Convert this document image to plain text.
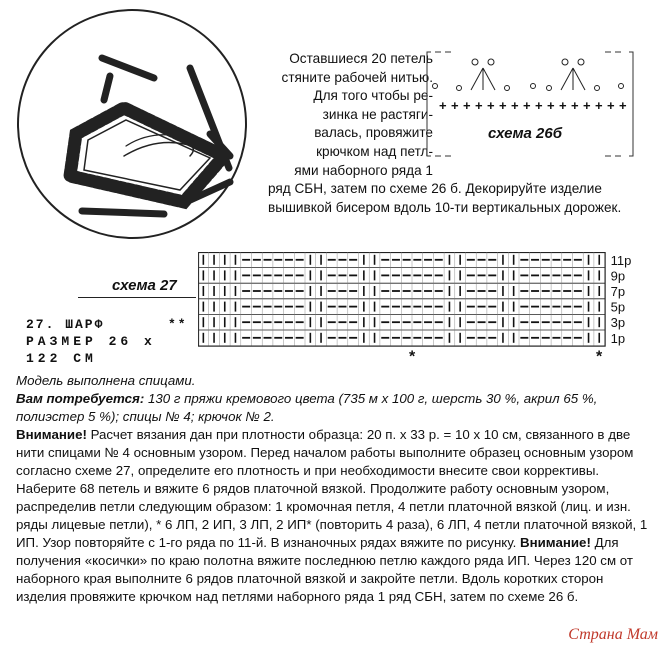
Оставшиеся 20 петель
стяните рабочей нитью.
Для того чтобы ре-
зинка не растяги-
валась, провяжите
крючком над петл-
ями наборного ряда 1
ряд СБН, затем по схеме 26 б. Декорируйте изделие
вышивкой бисером вдоль 10-ти вертикальных дорожек.
+ + + + + + + + + + + + + + + +
схема 26б
27. ШАРФ	**
РАЗМЕР 26 х
122 СМ
схема 27
11р
9р
7р
5р
3р
1р
*	*

Модель выполнена спицами.

Вам потребуется: 130 г пряжи кремового цвета (735 м х 100 г, шерсть 30 %, акрил 65 %, полиэстер 5 %); спицы № 4; крючок № 2.

Внимание! Расчет вязания дан при плотности образца: 20 п. х 33 р. = 10 х 10 см, связанного в две нити спицами № 4 основным узором. Перед началом работы выполните образец основным узором согласно схеме 27, определите его плотность и при необходимости внесите свои коррективы. Наберите 68 петель и вяжите 6 рядов платочной вязкой. Продолжите работу основным узором, распределив петли следующим образом: 1 кромочная петля, 4 петли платочной вязкой (лиц. и изн. ряды лицевые петли), * 6 ЛП, 2 ИП, 3 ЛП, 2 ИП* (повторить 4 раза), 6 ЛП, 4 петли платочной вязкой, 1 ИП. Узор повторяйте с 1-го ряда по 11-й. В изнаночных рядах вяжите по рисунку. Внимание! Для получения «косички» по краю полотна вяжите последнюю петлю каждого ряда ИП. Через 120 см от наборного края выполните 6 рядов платочной вязкой и закройте петли. Вдоль коротких сторон изделия провяжите крючком над петлями наборного ряда 1 ряд СБН, затем по схеме 26 б.

Страна Мам
